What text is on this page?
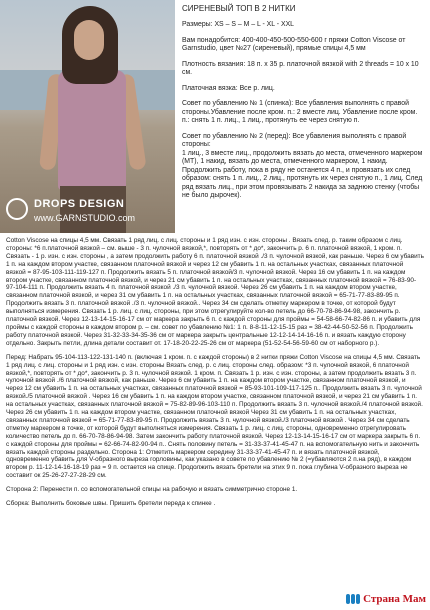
DROPS DESIGN
www.GARNSTUDIO.com

СИРЕНЕВЫЙ ТОП В 2 НИТКИ

Размеры: XS – S – M – L - XL - XXL

Вам понадобится: 400-400-450-500-550-600 г пряжи Cotton Viscose от Garnstudio, цвет №27 (сиреневый), прямые спицы 4,5 мм

Плотность вязания: 18 п. х 35 р. платочной вязкой with 2 threads = 10 х 10 см.

Платочная вязка: Все р. лиц.

Совет по убавлению № 1 (спинка): Все убавления выполнять с правой стороны.Убавление после кром. п.: 2 вместе лиц. Убавление после кром. п.: снять 1 п. лиц., 1 лиц., протянуть ее через снятую п.

Совет по убавлению № 2 (перед): Все убавления выполнять с правой стороны:
1 лиц., 3 вместе лиц., продолжить вязать до места, отмеченного маркером (МТ), 1 накид, вязать до места, отмеченного маркером, 1 накид. Продолжить работу, пока в ряду не останется 4 п., и провязать их след образом: снять 1 п. лиц., 2 лиц., протянуть их через снятую п., 1 лиц. След ряд вязать лиц., при этом провязывать 2 накида за заднюю стенку (чтобы не было дырочек).

Cotton Viscose на спицы 4,5 мм. Связать 1 ряд лиц. с лиц. стороны и 1 ряд изн. с изн. стороны . Вязать след. р. таким образом с лиц. стороны: *6 п.платочной вязкой – см. выше - 3 п. чулочной вязкой,*, повторять от * до*, закончить р. 6 п. платочной вязкой, 1 кром. п. Связать - 1 р. изн. с изн. стороны , а затем продолжить работу 6 п. платочной вязкой ./3 п. чулочной вязкой, как раньше. Через 6 см убавить 1 п. на каждом втором участке, связанном платочной вязкой и через 12 см убавить 1 п. на остальных участках, связанных платочной вязкой = 87-95-103-111-119-127 п. Продолжить вязать 5 п. платочной вязкой/3 п. чулочной вязкой. Через 16 см убавить 1 п. на каждом втором участке, связанном платочной вязкой, и через 21 см убавить 1 п. на остальных участках, связанных платочной вязкой = 76-83-90-97-104-111 п. Продолжить вязать 4 п. платочной вязкой ./3 п. чулочной вязкой. Через 26 см убавить 1 п. на каждом втором участке, связанном платочной вязкой, и через 31 см убавить 1 п. на остальных участках, связанных платочной вязкой = 65-71-77-83-89-95 п. Продолжить вязать 3 п. платочной вязкой ./3 п. чулочной вязкой.. Через 34 см сделать отметку маркером в точке, от которой будут выполняться измерения. Связать 1 р. лиц. с лиц. стороны, при этом отрегулируйте кол-во петель до 66-70-78-86-94-98, закончить р. платочной вязкой. Через 12-13-14-15-16-17 см от маркера закрыть 6 п. с каждой стороны для проймы = 54-58-66-74-82-86 п. и убавить для проймы с каждой стороны в каждом втором р. – см. совет по убавлению №1: 1 п. 8-8-11-12-15-15 раз = 38-42-44-50-52-56 п. Продолжить работу платочной вязкой. Через 31-32-33-34-35-36 см от маркера закрыть центральные 12-12-14-14-16-16 п. и вязать каждую сторону отдельно. Закрыть петли, длина детали составит от. 17-18-20-22-25-26 см от маркера (51-52-54-56-59-60 см от наборного р.).

Перед: Набрать 95-104-113-122-131-140 п. (включая 1 кром. п. с каждой стороны) в 2 нитки пряжи Cotton Viscose на спицы 4,5 мм. Связать 1 ряд лиц. с лиц. стороны и 1 ряд изн. с изн. стороны Вязать след. р. с лиц. стороны след. образом: *3 п. чулочной вязкой, 6 платочной вязкой,*, повторять от * до*, закончить р. 3 п. чулочной вязкой. 1 кром. п. Связать 1 р. изн. с изн. стороны, а затем продолжить вязать 3 п. чулочной вязкой ./6 платочной вязкой, как раньше. Через 6 см убавить 1 п. на каждом втором участке, связанном платочной вязкой, и через 12 см убавить 1 п. на остальных участках, связанных платочной вязкой = 85-93-101-109-117-125 п.. Продолжить вязать 3 п. чулочной вязкой./5 платочной вязкой . Через 16 см убавить 1 п. на каждом втором участке, связанном платочной вязкой, и через 21 см убавить 1 п. на остальных участках, связанных платочной вязкой = 75-82-89-96-103-110 п. Продолжить вязать 3 п. чулочной вязкой./4 платочной вязкой. Через 26 см убавить 1 п. на каждом втором участке, связанном платочной вязкой Через 31 см убавить 1 п. на остальных участках, связанных платочной вязкой = 65-71-77-83-89-95 п. Продолжить вязать 3 п. чулочной вязкой./3 платочной вязкой . Через 34 см сделать отметку маркером в точке, от которой будут выполняться измерения. Связать 1 р. лиц. с лиц. стороны, одновременно отрегулировать количество петель до п. 66-70-78-86-94-98. Затем закончить работу платочной вязкой. Через 12-13-14-15-16-17 см от маркера закрыть 6 п. с каждой стороны для проймы = 62-66-74-82-90-94 п.. Снять половину петель = 31-33-37-41-45-47 п. на вспомогательную нить и закончить вязать каждой стороны раздельно. Сторона 1: Отметить маркером середину 31-33-37-41-45-47 п. и вязать платочной вязкой, одновременно убавить для V-образного выреза горловины, как указано в совете по убавлению № 2 (=убавляются 2 п.на ряд), в каждом втором р. 11-12-14-16-18-19 раз = 9 п. остается на спице. Продолжить вязать бретели на этих 9 п. пока глубина V-образного выреза не составит ок 25-26-27-27-28-29 см.

Сторона 2: Перенести п. со вспомогательной спицы на рабочую и вязать симметрично стороне 1.

Сборка: Выполнить боковые швы. Пришить бретели переда к спинке .

Страна Мам
